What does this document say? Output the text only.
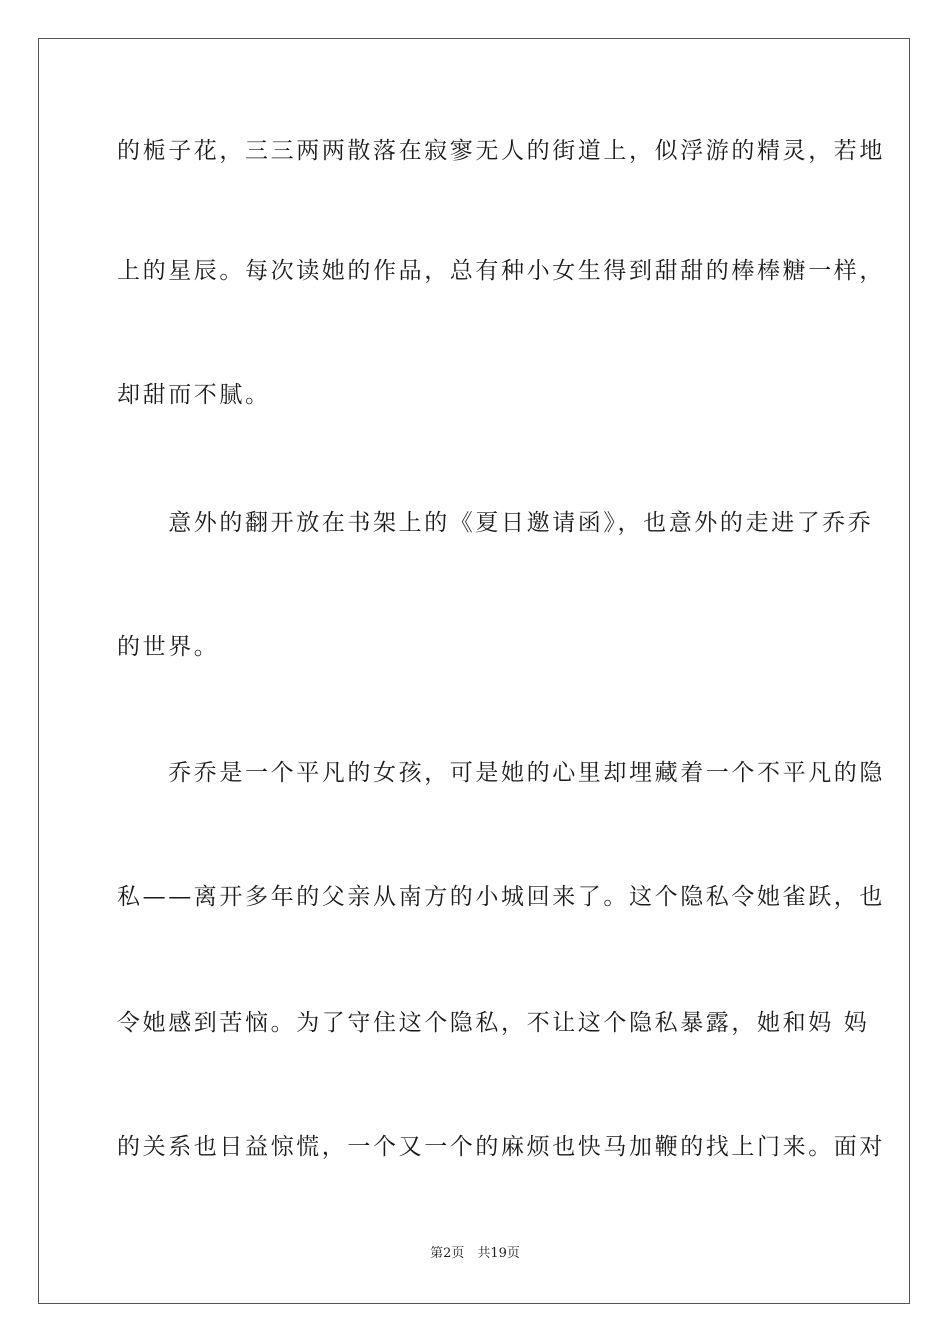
的栀子花，三三两两散落在寂寥无人的街道上，似浮游的精灵，若地
上的星辰。每次读她的作品，总有种小女生得到甜甜的棒棒糖一样，
却甜而不腻。
　　意外的翻开放在书架上的《夏日邀请函》，也意外的走进了乔乔
的世界。
　　乔乔是一个平凡的女孩，可是她的心里却埋藏着一个不平凡的隐
私——离开多年的父亲从南方的小城回来了。这个隐私令她雀跃，也
令她感到苦恼。为了守住这个隐私，不让这个隐私暴露，她和妈 妈
的关系也日益惊慌，一个又一个的麻烦也快马加鞭的找上门来。面对
第2页　共19页
